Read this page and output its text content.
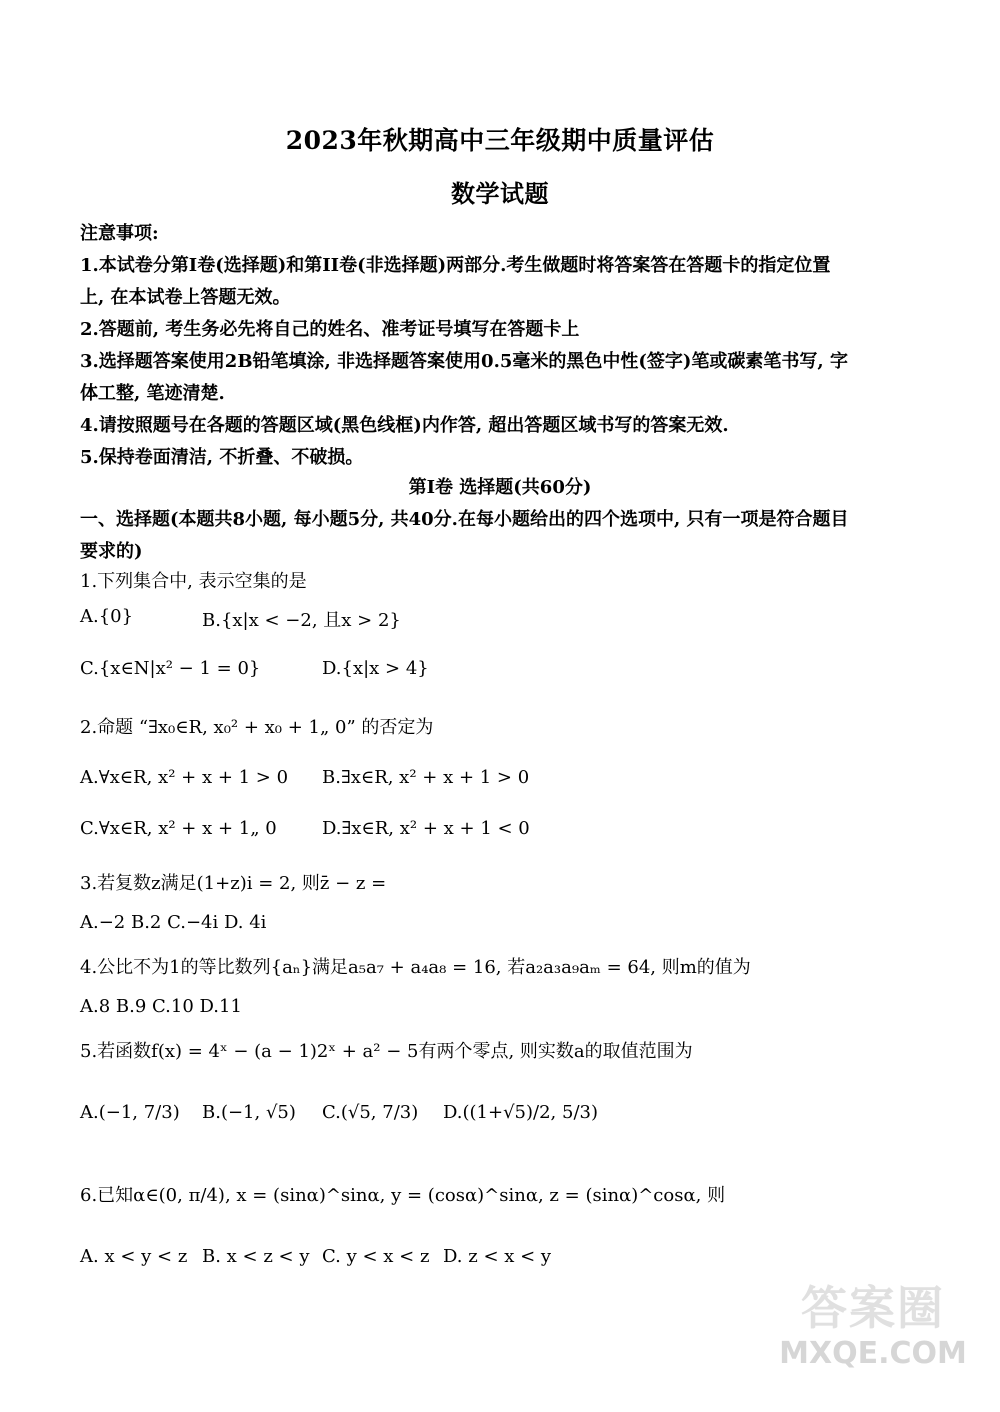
2023年秋期高中三年级期中质量评估
数学试题
注意事项:
1.本试卷分第I卷(选择题)和第II卷(非选择题)两部分.考生做题时将答案答在答题卡的指定位置
上, 在本试卷上答题无效。
2.答题前, 考生务必先将自己的姓名、准考证号填写在答题卡上
3.选择题答案使用2B铅笔填涂, 非选择题答案使用0.5毫米的黑色中性(签字)笔或碳素笔书写, 字
体工整, 笔迹清楚.
4.请按照题号在各题的答题区域(黑色线框)内作答, 超出答题区域书写的答案无效.
5.保持卷面清洁, 不折叠、不破损。
第I卷 选择题(共60分)
一、选择题(本题共8小题, 每小题5分, 共40分.在每小题给出的四个选项中, 只有一项是符合题目
要求的)
1.下列集合中, 表示空集的是
A.{0}	B.{x|x < −2, 且x > 2}
C.{x∈N|x² − 1 = 0}	D.{x|x > 4}
2.命题 “∃x₀∈R, x₀² + x₀ + 1„ 0” 的否定为
A.∀x∈R, x² + x + 1 > 0 B.∃x∈R, x² + x + 1 > 0
C.∀x∈R, x² + x + 1„ 0	D.∃x∈R, x² + x + 1 < 0
3.若复数z满足(1+z)i = 2, 则z̄ − z =
A.−2 B.2 C.−4i D. 4i
4.公比不为1的等比数列{aₙ}满足a₅a₇ + a₄a₈ = 16, 若a₂a₃a₉aₘ = 64, 则m的值为
A.8 B.9 C.10 D.11
5.若函数f(x) = 4ˣ − (a − 1)2ˣ + a² − 5有两个零点, 则实数a的取值范围为
A.(−1, 7/3) B.(−1, √5) C.(√5, 7/3) D.((1+√5)/2, 5/3)
6.已知α∈(0, π/4), x = (sinα)^sinα, y = (cosα)^sinα, z = (sinα)^cosα, 则
A. x < y < z B. x < z < y C. y < x < z D. z < x < y
答案圈
MXQE.COM
